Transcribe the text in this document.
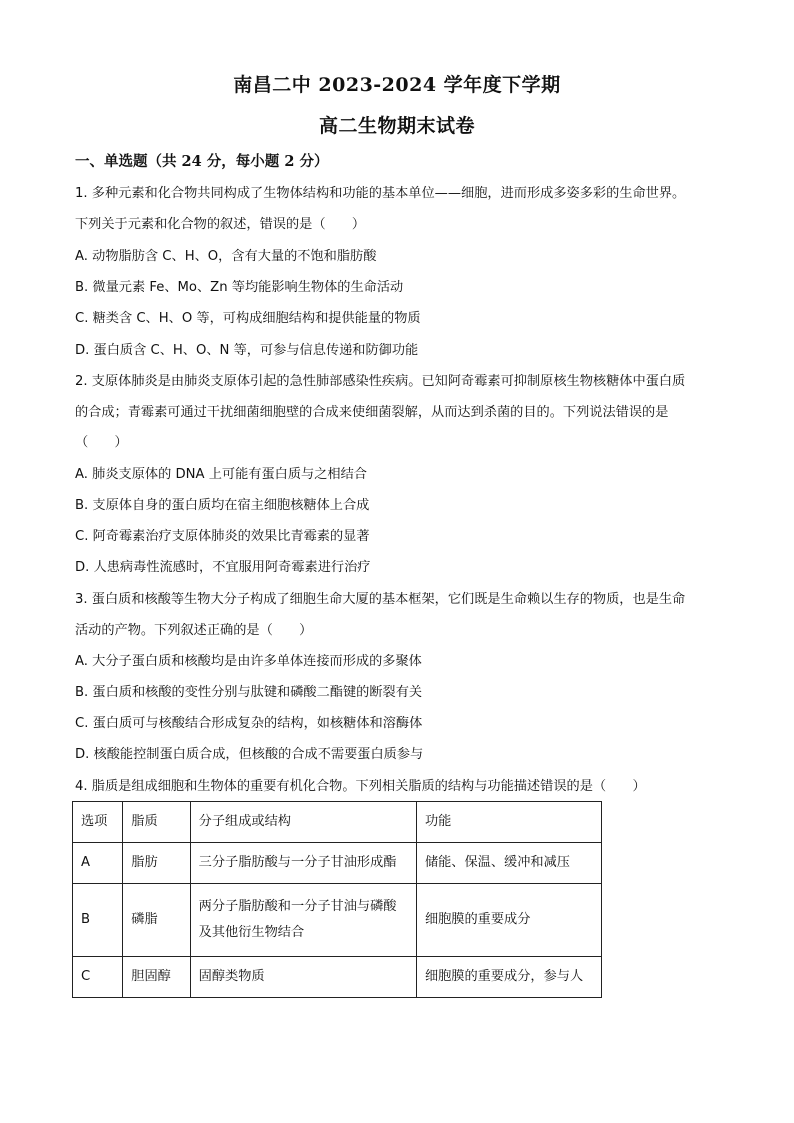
南昌二中 2023-2024 学年度下学期
高二生物期末试卷
一、单选题（共 24 分，每小题 2 分）
1. 多种元素和化合物共同构成了生物体结构和功能的基本单位——细胞，进而形成多姿多彩的生命世界。
下列关于元素和化合物的叙述，错误的是（　　）
A. 动物脂肪含 C、H、O，含有大量的不饱和脂肪酸
B. 微量元素 Fe、Mo、Zn 等均能影响生物体的生命活动
C. 糖类含 C、H、O 等，可构成细胞结构和提供能量的物质
D. 蛋白质含 C、H、O、N 等，可参与信息传递和防御功能
2. 支原体肺炎是由肺炎支原体引起的急性肺部感染性疾病。已知阿奇霉素可抑制原核生物核糖体中蛋白质
的合成；青霉素可通过干扰细菌细胞壁的合成来使细菌裂解，从而达到杀菌的目的。下列说法错误的是
（　　）
A. 肺炎支原体的 DNA 上可能有蛋白质与之相结合
B. 支原体自身的蛋白质均在宿主细胞核糖体上合成
C. 阿奇霉素治疗支原体肺炎的效果比青霉素的显著
D. 人患病毒性流感时，不宜服用阿奇霉素进行治疗
3. 蛋白质和核酸等生物大分子构成了细胞生命大厦的基本框架，它们既是生命赖以生存的物质，也是生命
活动的产物。下列叙述正确的是（　　）
A. 大分子蛋白质和核酸均是由许多单体连接而形成的多聚体
B. 蛋白质和核酸的变性分别与肽键和磷酸二酯键的断裂有关
C. 蛋白质可与核酸结合形成复杂的结构，如核糖体和溶酶体
D. 核酸能控制蛋白质合成，但核酸的合成不需要蛋白质参与
4. 脂质是组成细胞和生物体的重要有机化合物。下列相关脂质的结构与功能描述错误的是（　　）
选项	脂质	分子组成或结构	功能
A	脂肪	三分子脂肪酸与一分子甘油形成酯	储能、保温、缓冲和减压
B	磷脂	两分子脂肪酸和一分子甘油与磷酸及其他衍生物结合	细胞膜的重要成分
C	胆固醇	固醇类物质	细胞膜的重要成分，参与人
